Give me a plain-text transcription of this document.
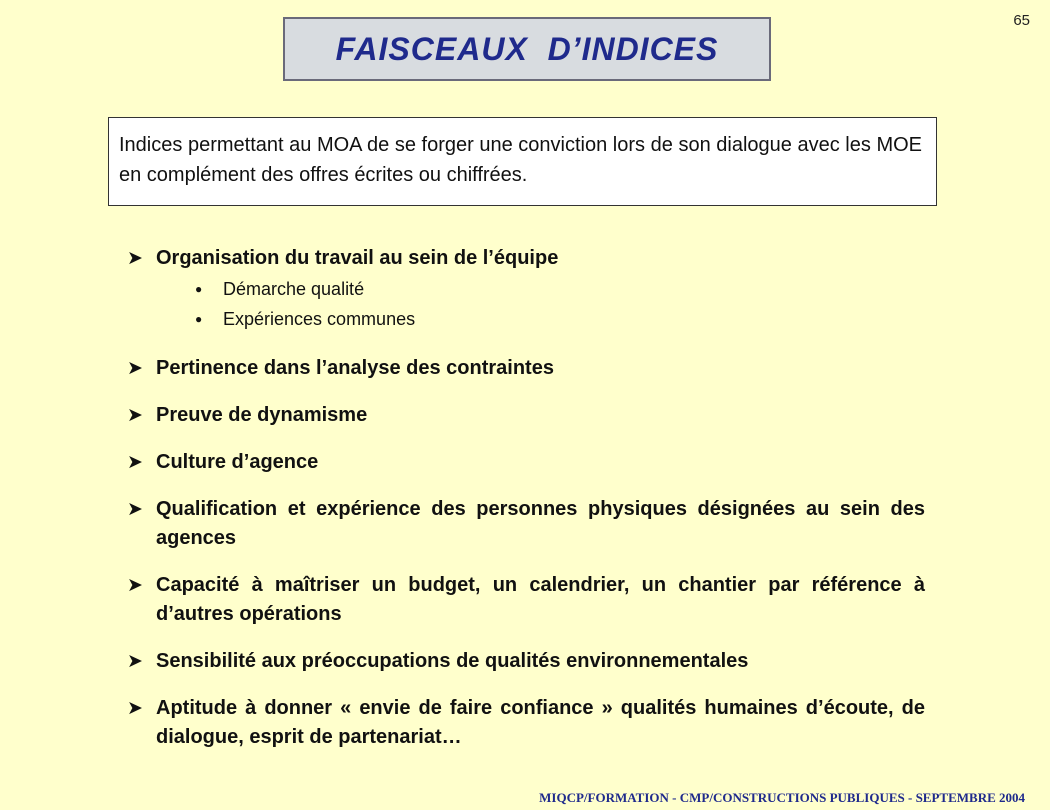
FAISCEAUX  D’INDICES
65
Indices permettant au MOA de se forger une conviction lors de son dialogue avec les MOE en complément des offres écrites ou chiffrées.
➤ Organisation du travail au sein de l’équipe
●	Démarche qualité
●	Expériences communes
➤ Pertinence dans l’analyse des contraintes
➤ Preuve de dynamisme
➤ Culture d’agence
➤ Qualification et expérience des personnes physiques désignées au sein des agences
➤ Capacité à maîtriser un budget, un calendrier, un chantier par référence à d’autres opérations
➤ Sensibilité aux préoccupations de qualités environnementales
➤ Aptitude à donner « envie de faire confiance » qualités humaines d’écoute, de dialogue, esprit de partenariat…
MIQCP/FORMATION - CMP/CONSTRUCTIONS PUBLIQUES - SEPTEMBRE 2004
